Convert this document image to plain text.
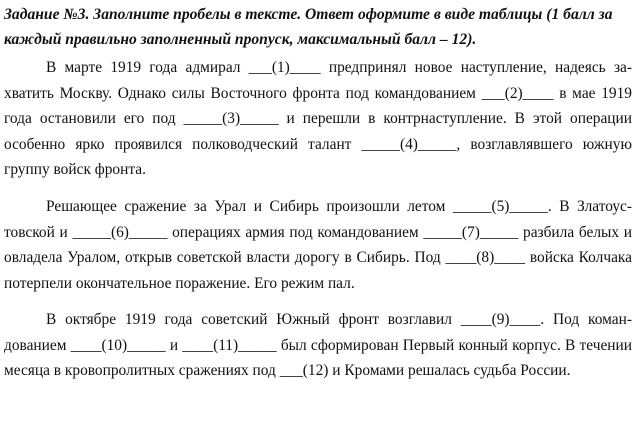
Задание №3. Заполните пробелы в тексте. Ответ оформите в виде таблицы (1 балл за каждый правильно заполненный пропуск, максимальный балл – 12).

В марте 1919 года адмирал ___(1)____ предпринял новое наступление, надеясь захватить Москву. Однако силы Восточного фронта под командованием ___(2)____ в мае 1919 года остановили его под _____(3)_____ и перешли в контрнаступление. В этой операции особенно ярко проявился полководческий талант _____(4)_____, возглавлявшего южную группу войск фронта.

Решающее сражение за Урал и Сибирь произошли летом _____(5)_____. В Златоустовской и _____(6)_____ операциях армия под командованием _____(7)_____ разбила белых и овладела Уралом, открыв советской власти дорогу в Сибирь. Под ____(8)____ войска Колчака потерпели окончательное поражение. Его режим пал.

В октябре 1919 года советский Южный фронт возглавил ____(9)____. Под командованием ____(10)_____ и ____(11)_____ был сформирован Первый конный корпус. В течении месяца в кровопролитных сражениях под ___(12) и Кромами решалась судьба России.
